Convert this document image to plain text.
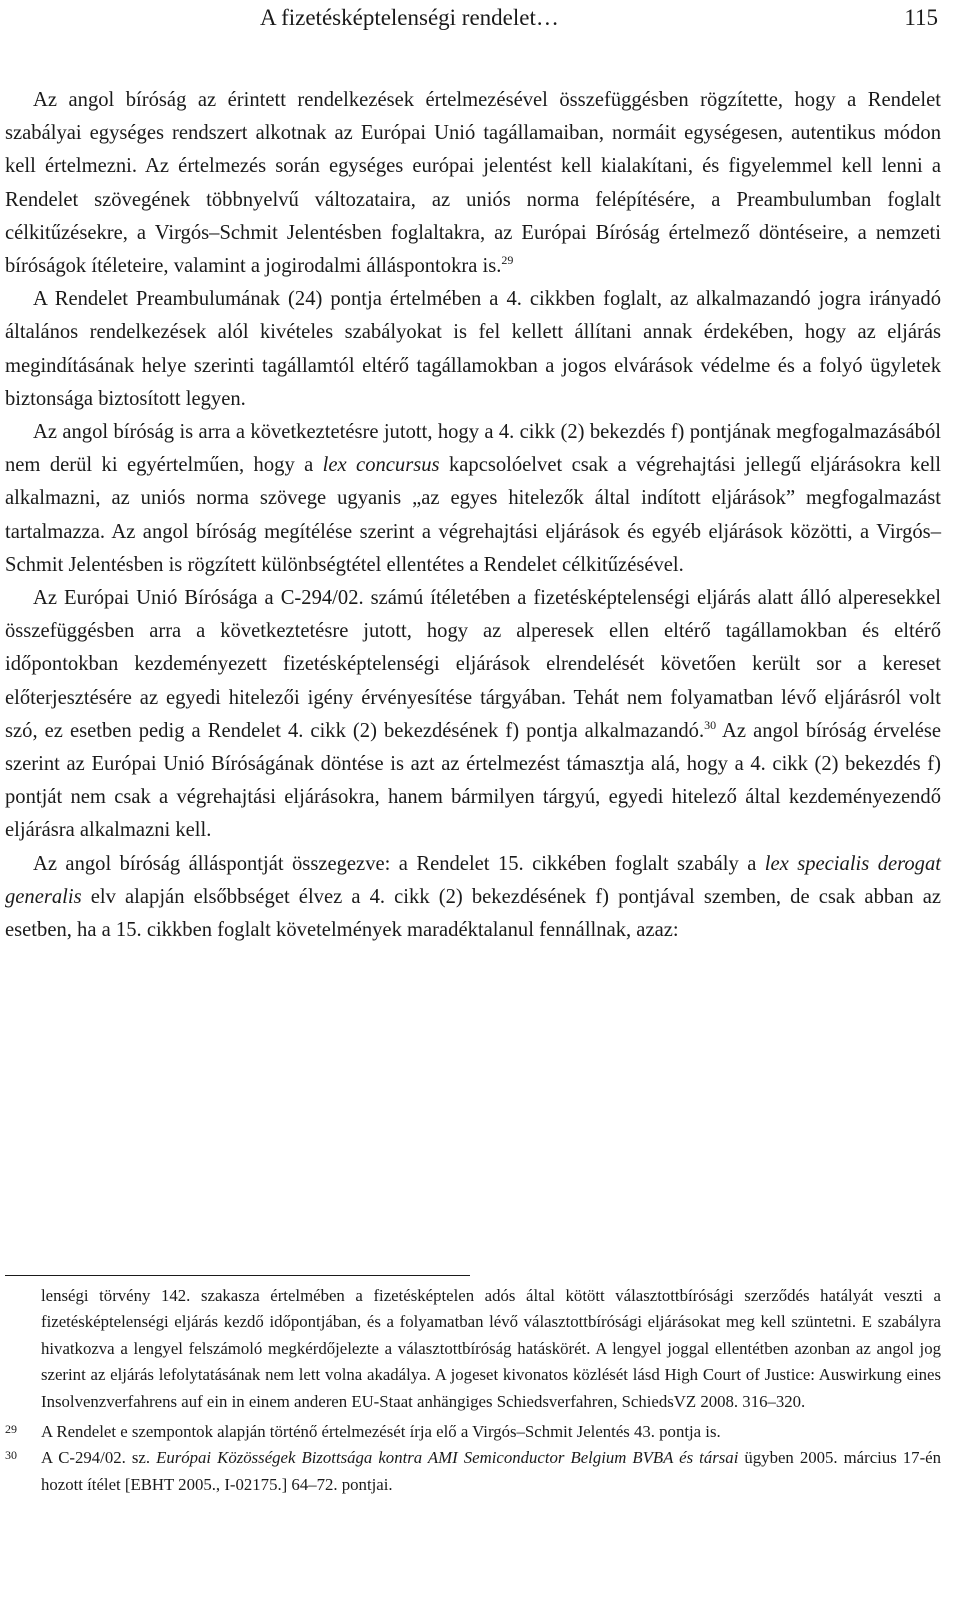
A fizetésképtelenségi rendelet…	115

Az angol bíróság az érintett rendelkezések értelmezésével összefüggésben rögzítette, hogy a Rendelet szabályai egységes rendszert alkotnak az Európai Unió tagállamaiban, normáit egységesen, autentikus módon kell értelmezni. Az értelmezés során egységes európai jelentést kell kialakítani, és figyelemmel kell lenni a Rendelet szövegének többnyelvű változataira, az uniós norma felépítésére, a Preambulumban foglalt célkitűzésekre, a Virgós–Schmit Jelentésben foglaltakra, az Európai Bíróság értelmező döntéseire, a nemzeti bíróságok ítéleteire, valamint a jogirodalmi álláspontokra is.$^{29}$

A Rendelet Preambulumának (24) pontja értelmében a 4. cikkben foglalt, az alkalmazandó jogra irányadó általános rendelkezések alól kivételes szabályokat is fel kellett állítani annak érdekében, hogy az eljárás megindításának helye szerinti tagállamtól eltérő tagállamokban a jogos elvárások védelme és a folyó ügyletek biztonsága biztosított legyen.

Az angol bíróság is arra a következtetésre jutott, hogy a 4. cikk (2) bekezdés f) pontjának megfogalmazásából nem derül ki egyértelműen, hogy a lex concursus kapcsolóelvet csak a végrehajtási jellegű eljárásokra kell alkalmazni, az uniós norma szövege ugyanis „az egyes hitelezők által indított eljárások” megfogalmazást tartalmazza. Az angol bíróság megítélése szerint a végrehajtási eljárások és egyéb eljárások közötti, a Virgós–Schmit Jelentésben is rögzített különbségtétel ellentétes a Rendelet célkitűzésével.

Az Európai Unió Bírósága a C-294/02. számú ítéletében a fizetésképtelenségi eljárás alatt álló alperesekkel összefüggésben arra a következtetésre jutott, hogy az alperesek ellen eltérő tagállamokban és eltérő időpontokban kezdeményezett fizetésképtelenségi eljárások elrendelését követően került sor a kereset előterjesztésére az egyedi hitelezői igény érvényesítése tárgyában. Tehát nem folyamatban lévő eljárásról volt szó, ez esetben pedig a Rendelet 4. cikk (2) bekezdésének f) pontja alkalmazandó.$^{30}$ Az angol bíróság érvelése szerint az Európai Unió Bíróságának döntése is azt az értelmezést támasztja alá, hogy a 4. cikk (2) bekezdés f) pontját nem csak a végrehajtási eljárásokra, hanem bármilyen tárgyú, egyedi hitelező által kezdeményezendő eljárásra alkalmazni kell.

Az angol bíróság álláspontját összegezve: a Rendelet 15. cikkében foglalt szabály a lex specialis derogat generalis elv alapján elsőbbséget élvez a 4. cikk (2) bekezdésének f) pontjával szemben, de csak abban az esetben, ha a 15. cikkben foglalt követelmények maradéktalanul fennállnak, azaz:

lenségi törvény 142. szakasza értelmében a fizetésképtelen adós által kötött választottbírósági szerződés hatályát veszti a fizetésképtelenségi eljárás kezdő időpontjában, és a folyamatban lévő választottbírósági eljárásokat meg kell szüntetni. E szabályra hivatkozva a lengyel felszámoló megkérdőjelezte a választottbíróság hatáskörét. A lengyel joggal ellentétben azonban az angol jog szerint az eljárás lefolytatásának nem lett volna akadálya. A jogeset kivonatos közlését lásd High Court of Justice: Auswirkung eines Insolvenzverfahrens auf ein in einem anderen EU-Staat anhängiges Schiedsverfahren, SchiedsVZ 2008. 316–320.
29 A Rendelet e szempontok alapján történő értelmezését írja elő a Virgós–Schmit Jelentés 43. pontja is.
30 A C-294/02. sz. Európai Közösségek Bizottsága kontra AMI Semiconductor Belgium BVBA és társai ügyben 2005. március 17-én hozott ítélet [EBHT 2005., I-02175.] 64–72. pontjai.
